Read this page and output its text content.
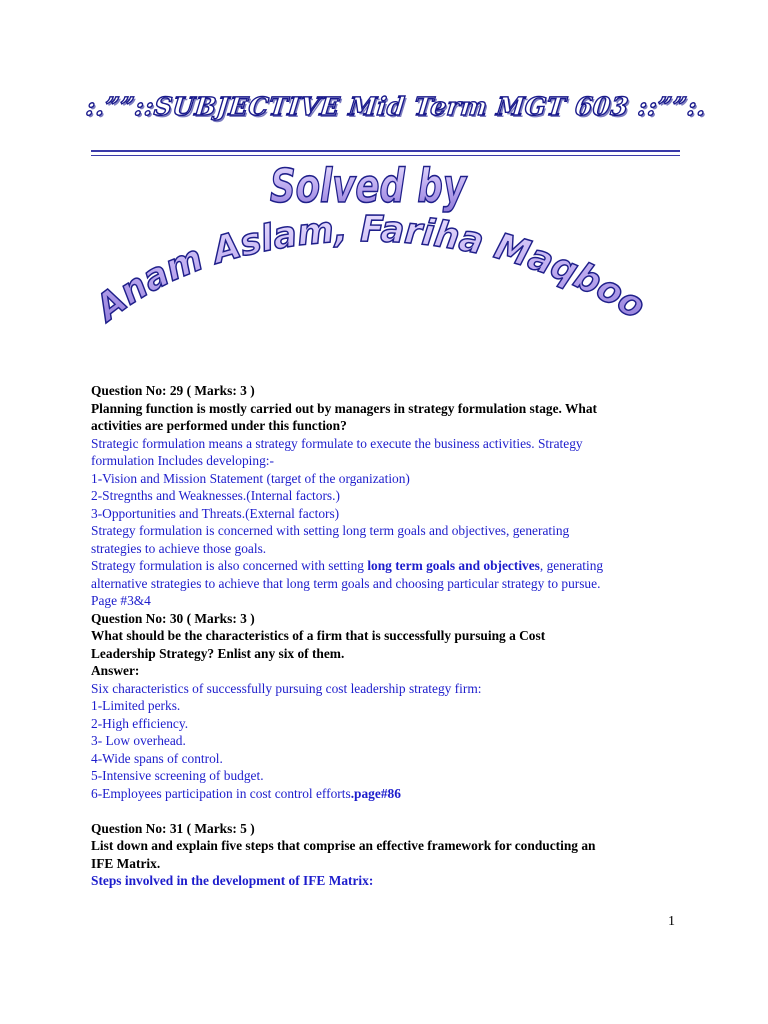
:.””::SUBJECTIVE Mid Term MGT 603 ::””:.
Solved by
Anam Aslam, Fariha Maqboo
Question No: 29 ( Marks: 3 )
Planning function is mostly carried out by managers in strategy formulation stage. What
activities are performed under this function?
Strategic formulation means a strategy formulate to execute the business activities. Strategy
formulation Includes developing:-
1-Vision and Mission Statement (target of the organization)
2-Stregnths and Weaknesses.(Internal factors.)
3-Opportunities and Threats.(External factors)
Strategy formulation is concerned with setting long term goals and objectives, generating
strategies to achieve those goals.
Strategy formulation is also concerned with setting long term goals and objectives, generating
alternative strategies to achieve that long term goals and choosing particular strategy to pursue.
Page #3&4
Question No: 30 ( Marks: 3 )
What should be the characteristics of a firm that is successfully pursuing a Cost
Leadership Strategy? Enlist any six of them.
Answer:
Six characteristics of successfully pursuing cost leadership strategy firm:
1-Limited perks.
2-High efficiency.
3- Low overhead.
4-Wide spans of control.
5-Intensive screening of budget.
6-Employees participation in cost control efforts.page#86
Question No: 31 ( Marks: 5 )
List down and explain five steps that comprise an effective framework for conducting an
IFE Matrix.
Steps involved in the development of IFE Matrix:
1
